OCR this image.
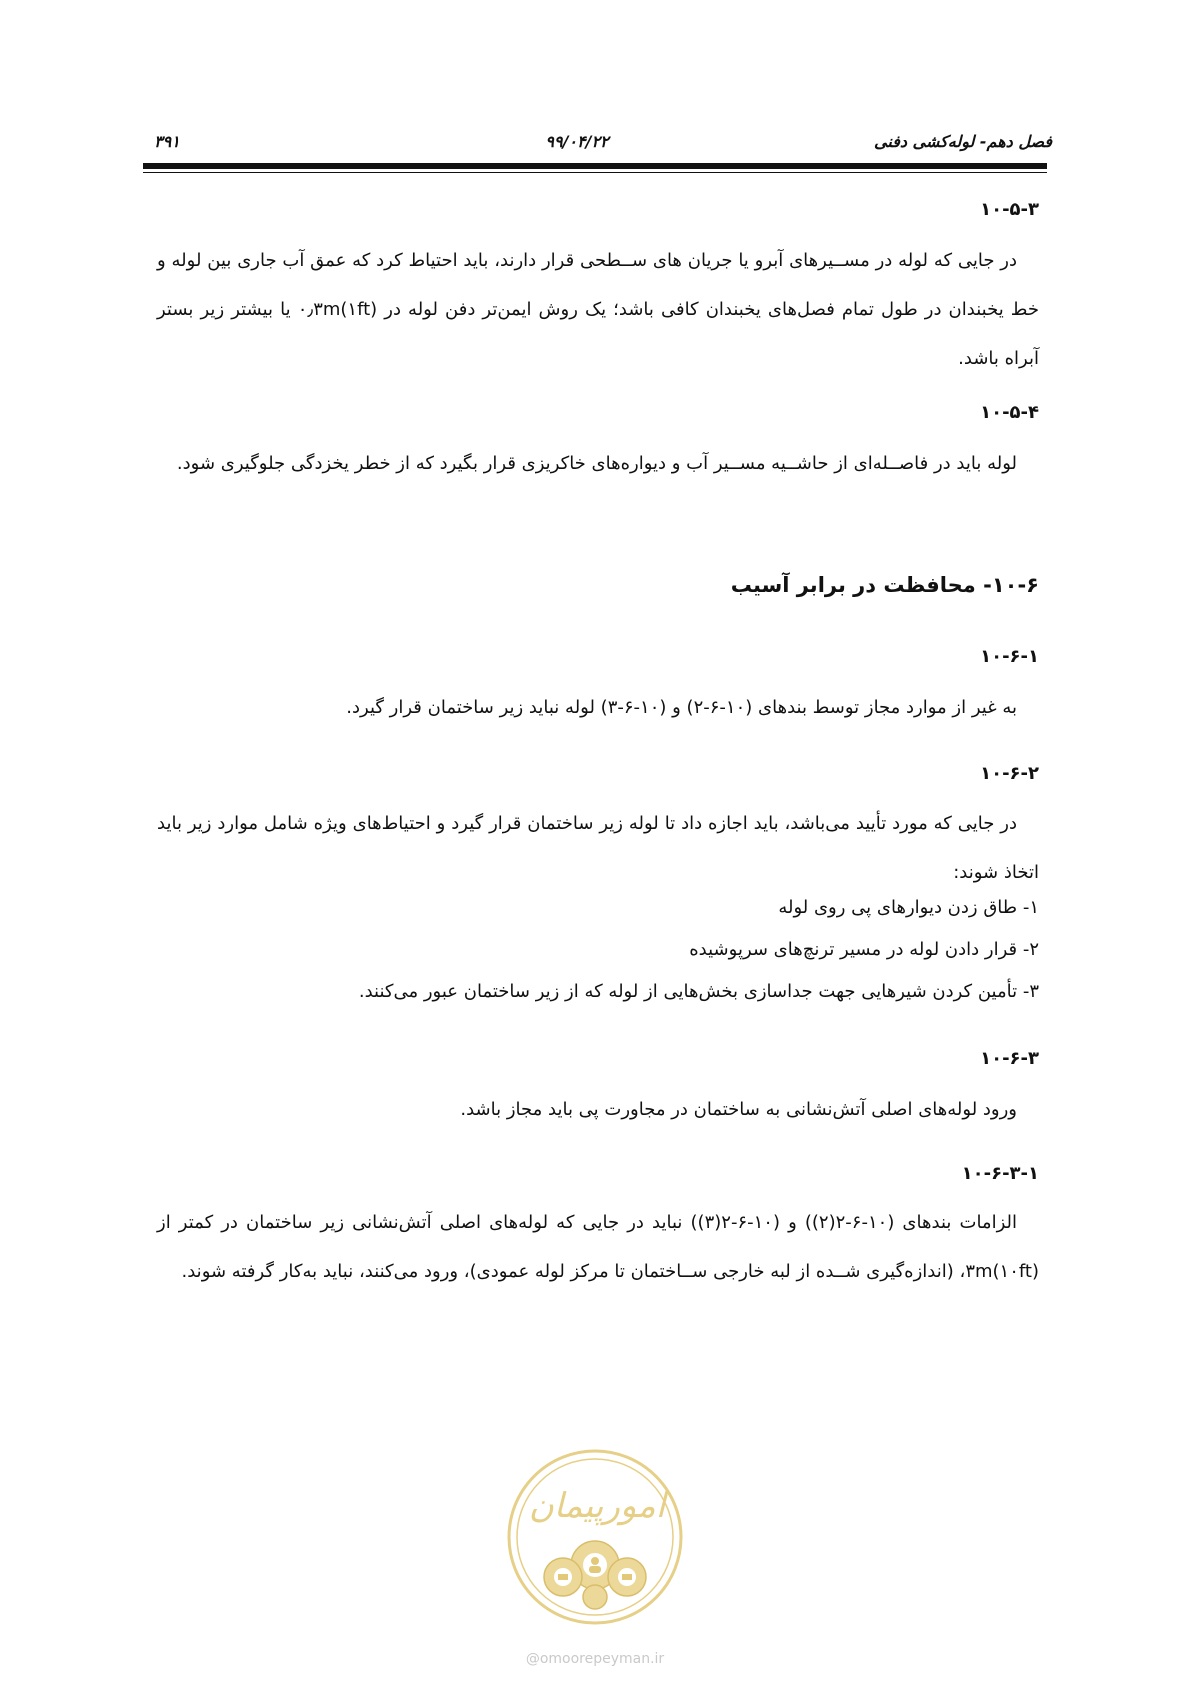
فصل دهم- لوله‌کشی دفنی
۹۹/۰۴/۲۲
۳۹۱
۱۰-۵-۳
در جایی که لوله در مســیرهای آبرو یا جریان های ســطحی قرار دارند، باید احتیاط کرد که عمق آب جاری بین لوله و خط یخبندان در طول تمام فصل‌های یخبندان کافی باشد؛ یک روش ایمن‌تر دفن لوله در ۰٫۳m(۱ft) یا بیشتر زیر بستر آبراه باشد.
۱۰-۵-۴
لوله باید در فاصــله‌ای از حاشــیه مســیر آب و دیواره‌های خاکریزی قرار بگیرد که از خطر یخزدگی جلوگیری شود.
۱۰-۶- محافظت در برابر آسیب
۱۰-۶-۱
به غیر از موارد مجاز توسط بندهای (۱۰-۶-۲) و (۱۰-۶-۳) لوله نباید زیر ساختمان قرار گیرد.
۱۰-۶-۲
در جایی که مورد تأیید می‌باشد، باید اجازه داد تا لوله زیر ساختمان قرار گیرد و احتیاط‌های ویژه شامل موارد زیر باید اتخاذ شوند:
۱- طاق زدن دیوارهای پی روی لوله
۲- قرار دادن لوله در مسیر ترنچ‌های سرپوشیده
۳- تأمین کردن شیرهایی جهت جداسازی بخش‌هایی از لوله که از زیر ساختمان عبور می‌کنند.
۱۰-۶-۳
ورود لوله‌های اصلی آتش‌نشانی به ساختمان در مجاورت پی باید مجاز باشد.
۱۰-۶-۳-۱
الزامات بندهای (۱۰-۶-۲(۲)) و (۱۰-۶-۲(۳)) نباید در جایی که لوله‌های اصلی آتش‌نشانی زیر ساختمان در کمتر از ۳m(۱۰ft)، (اندازه‌گیری شــده از لبه خارجی ســاختمان تا مرکز لوله عمودی)، ورود می‌کنند، نباید به‌کار گرفته شوند.
امورپیمان
@omoorepeyman.ir
